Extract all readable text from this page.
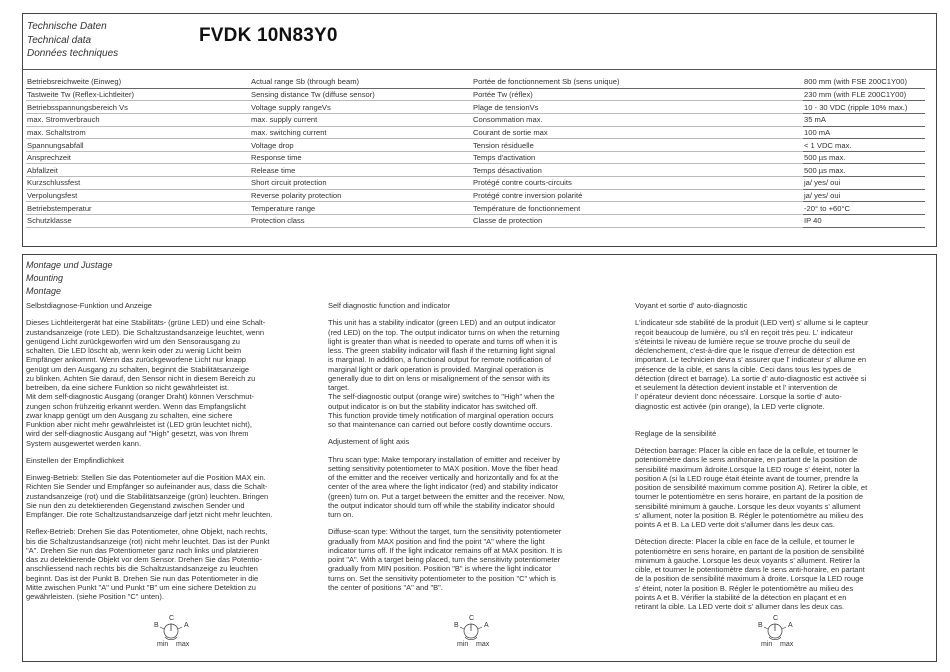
Technische Daten
Technical data
Données techniques
FVDK 10N83Y0
Betriebsreichweite (Einweg)	Actual range Sb (through beam)	Portée de fonctionnement Sb (sens unique)	800 mm (with FSE 200C1Y00)
Tastweite Tw (Reflex-Lichtleiter)	Sensing distance Tw (diffuse sensor)	Portée Tw (réflex)	230 mm (with FLE 200C1Y00)
Betriebsspannungsbereich Vs	Voltage supply rangeVs	Plage de tensionVs	10 - 30 VDC (ripple 10% max.)
max. Stromverbrauch	max. supply current	Consommation max.	35 mA
max. Schaltstrom	max. switching current	Courant de sortie max	100 mA
Spannungsabfall	Voltage drop	Tension résiduelle	< 1 VDC max.
Ansprechzeit	Response time	Temps d'activation	500 µs max.
Abfallzeit	Release time	Temps désactivation	500 µs max.
Kurzschlussfest	Short circuit protection	Protégé contre courts-circuits	ja/ yes/ oui
Verpolungsfest	Reverse polarity protection	Protégé contre inversion polarité	ja/ yes/ oui
Betriebstemperatur	Temperature range	Température de fonctionnement	-20° to +60°C
Schutzklasse	Protection class	Classe de protection	IP 40
Montage und Justage
Mounting
Montage

Selbstdiagnose-Funktion und Anzeige

Dieses Lichtleitergerät hat eine Stabilitäts- (grüne LED) und eine Schalt-
zustandsanzeige (rote LED). Die Schaltzustandsanzeige leuchtet, wenn
genügend Licht zurückgeworfen wird um den Sensorausgang zu
schalten. Die LED löscht ab, wenn kein oder zu wenig Licht beim
Empfänger ankommt. Wenn das zurückgeworfene Licht nur knapp
genügt um den Ausgang zu schalten, beginnt die Stabilitätsanzeige
zu blinken. Achten Sie darauf, den Sensor nicht in diesem Bereich zu
betreiben, da eine sichere Funktion so nicht gewährleistet ist.
Mit dem self-diagnostic Ausgang (oranger Draht) können Verschmut-
zungen schon frühzeitig erkannt werden. Wenn das Empfangslicht
zwar knapp genügt um den Ausgang zu schalten, eine sichere
Funktion aber nicht mehr gewährleistet ist (LED grün leuchtet nicht),
wird der self-diagnostic Ausgang auf "High" gesetzt, was von Ihrem
System ausgewertet werden kann.

Einstellen der Empfindlichkeit

Einweg-Betrieb: Stellen Sie das Potentiometer auf die Position MAX ein.
Richten Sie Sender und Empfänger so aufeinander aus, dass die Schalt-
zustandsanzeige (rot) und die Stabilitätsanzeige (grün) leuchten. Bringen
Sie nun den zu detektierenden Gegenstand zwischen Sender und
Empfänger. Die rote Schaltzustandsanzeige darf jetzt nicht mehr leuchten.

Reflex-Betrieb: Drehen Sie das Potentiometer, ohne Objekt, nach rechts,
bis die Schaltzustandsanzeige (rot) nicht mehr leuchtet. Das ist der Punkt
"A". Drehen Sie nun das Potentiometer ganz nach links und platzieren
das zu detektierende Objekt vor dem Sensor. Drehen Sie das Potentio-
anschliessend nach rechts bis die Schaltzustandsanzeige zu leuchten
beginnt. Das ist der Punkt B. Drehen Sie nun das Potentiometer in die
Mitte zwischen Punkt "A" und Punkt "B" um eine sichere Detektion zu
gewährleisten. (siehe Position "C" unten).

Self diagnostic function and indicator

This unit has a stability indicator (green LED) and an output indicator
(red LED) on the top. The output indicator turns on when the returning
light is greater than what is needed to operate and turns off when it is
less. The green stability indicator will flash if the returning light signal
is marginal. In addition, a functional output for remote notification of
marginal light or dark operation is provided. Marginal operation is
generally due to dirt on lens or misalignement of the sensor with its
target.
The self-diagnostic output (orange wire) switches to "High" when the
output indicator is on but the stability indicator has switched off.
This function provide timely notification of marginal operation occurs
so that maintenance can carried out before costly downtime occurs.

Adjustement of light axis

Thru scan type: Make temporary installation of emitter and receiver by
setting sensitivity potentiometer to MAX position. Move the fiber head
of the emitter and the receiver vertically and horizontally and fix at the
center of the area where the light indicator (red) and stability indicator
(green) turn on. Put a target between the emitter and the receiver. Now,
the output indicator should turn off while the stability indicator should
turn on.

Diffuse-scan type: Without the target, turn the sensitivity potentiometer
gradually from MAX position and find the point "A" where the light
indicator turns off. If the light indicator remains off at MAX position. It is
point "A". With a target being placed, turn the sensitivity potentiometer
gradually from MIN position. Position "B" is where the light indicator
turns on. Set the sensitivity potentiometer to the position "C" which is
the center of positions "A" and "B".

Voyant et sortie d' auto-diagnostic

L'indicateur sde stabilité de la produit (LED vert) s' allume si le capteur
reçoit beaucoup de lumière, ou s'il en reçoit très peu. L' indicateur
s'éteintsi le niveau de lumière reçue se trouve proche du seuil de
déclenchement, c'est-à-dire que le risque d'erreur de détection est
important. Le technicien devra s' assurer que l' indicateur s' allume en
présence de la cible, et sans la cible. Ceci dans tous les types de
détection (direct et barrage). La sortie d' auto-diagnostic est activée si
et seulement la détection devient instable et l' intervention de
l' opérateur devient donc nécessaire. Lorsque la sortie d' auto-
diagnostic est activée (pin orange), la LED verte clignote.

Reglage de la sensibilité

Détection barrage: Placer la cible en face de la cellule, et tourner le
potentiomètre dans le sens antihoraire, en partant de la position de
sensibilité maximum âdroite.Lorsque la LED rouge s' éteint, noter la
position A (si la LED rouge était éteinte avant de tourner, prendre la
position de sensibilité maximum comme position A). Retirer la cible, et
tourner le potentiomètre en sens horaire, en partant de la position de
sensibilité minimum à gauche. Lorsque les deux voyants s' allument
s' allument, noter la position B. Régler le potentiomètre au milieu des
points A et B. La LED verte doit s'allumer dans les deux cas.

Détection directe: Placer la cible en face de la cellule, et tourner le
potentiomètre en sens horaire, en partant de la position de sensibilité
minimum à gauche. Lorsque les deux voyants s' allument. Retirer la
cible, et tourner le potentiomètre dans le sens anti-horaire, en partant
de la position de sensibilité maximum à droite. Lorsque la LED rouge
s' éteint, noter la position B. Régler le potentiomètre au milieu des
points A et B. Vérifier la stabilité de la détection en plaçant et en
retirant la cible. La LED verte doit s' allumer dans les deux cas.

C
B	A
min max
C
B	A
min max
C
B	A
min max
